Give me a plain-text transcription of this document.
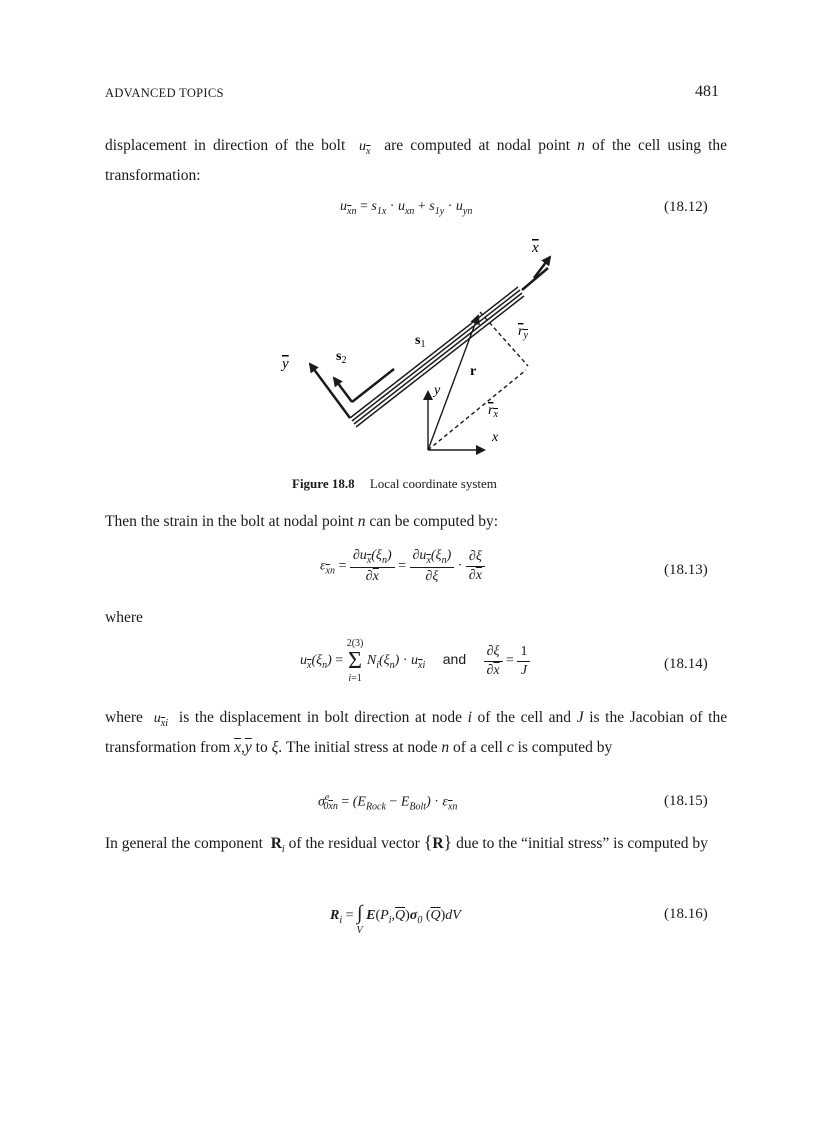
ADVANCED TOPICS	481
displacement in direction of the bolt  $u_{\overline{x}}$ are computed at nodal point n of the cell using the transformation:
$u_{\overline{x}n} = s_{1x} \cdot u_{xn} + s_{1y} \cdot u_{yn}$	(18.12)
x
y
$s_1$
$s_2$
r
$r_y$
$r_x$
x
y
Figure 18.8 Local coordinate system
Then the strain in the bolt at nodal point n can be computed by:
$\varepsilon_{\overline{x}n} = \frac{\partial u_{\overline{x}}(\xi_n)}{\partial\overline{x}} = \frac{\partial u_{\overline{x}}(\xi_n)}{\partial\xi} \cdot \frac{\partial\xi}{\partial\overline{x}}$	(18.13)
where
$u_{\overline{x}}(\xi_n)$ =
2(3)
Σ
i=1
$N_i(\xi_n) \cdot u_{\overline{x}i}$ and $\frac{\partial\xi}{\partial\overline{x}} = \frac{1}{J}$	(18.14)
where  $u_{\overline{x}i}$ is the displacement in bolt direction at node i of the cell and J is the Jacobian of the transformation from $\overline{x},\overline{y}$ to ξ. The initial stress at node n of a cell c is computed by
σ̇$^c_{0\overline{x}n}$ = $(E_{Rock} - E_{Bolt}) \cdot \varepsilon_{\overline{x}n}$	(18.15)
In general the component  $R_i$ of the residual vector {R} due to the “initial stress” is computed by
$R_i = \int_V$ $E(P_i,\overline{Q})\sigma_0$ $(\overline{Q})dV$	(18.16)
